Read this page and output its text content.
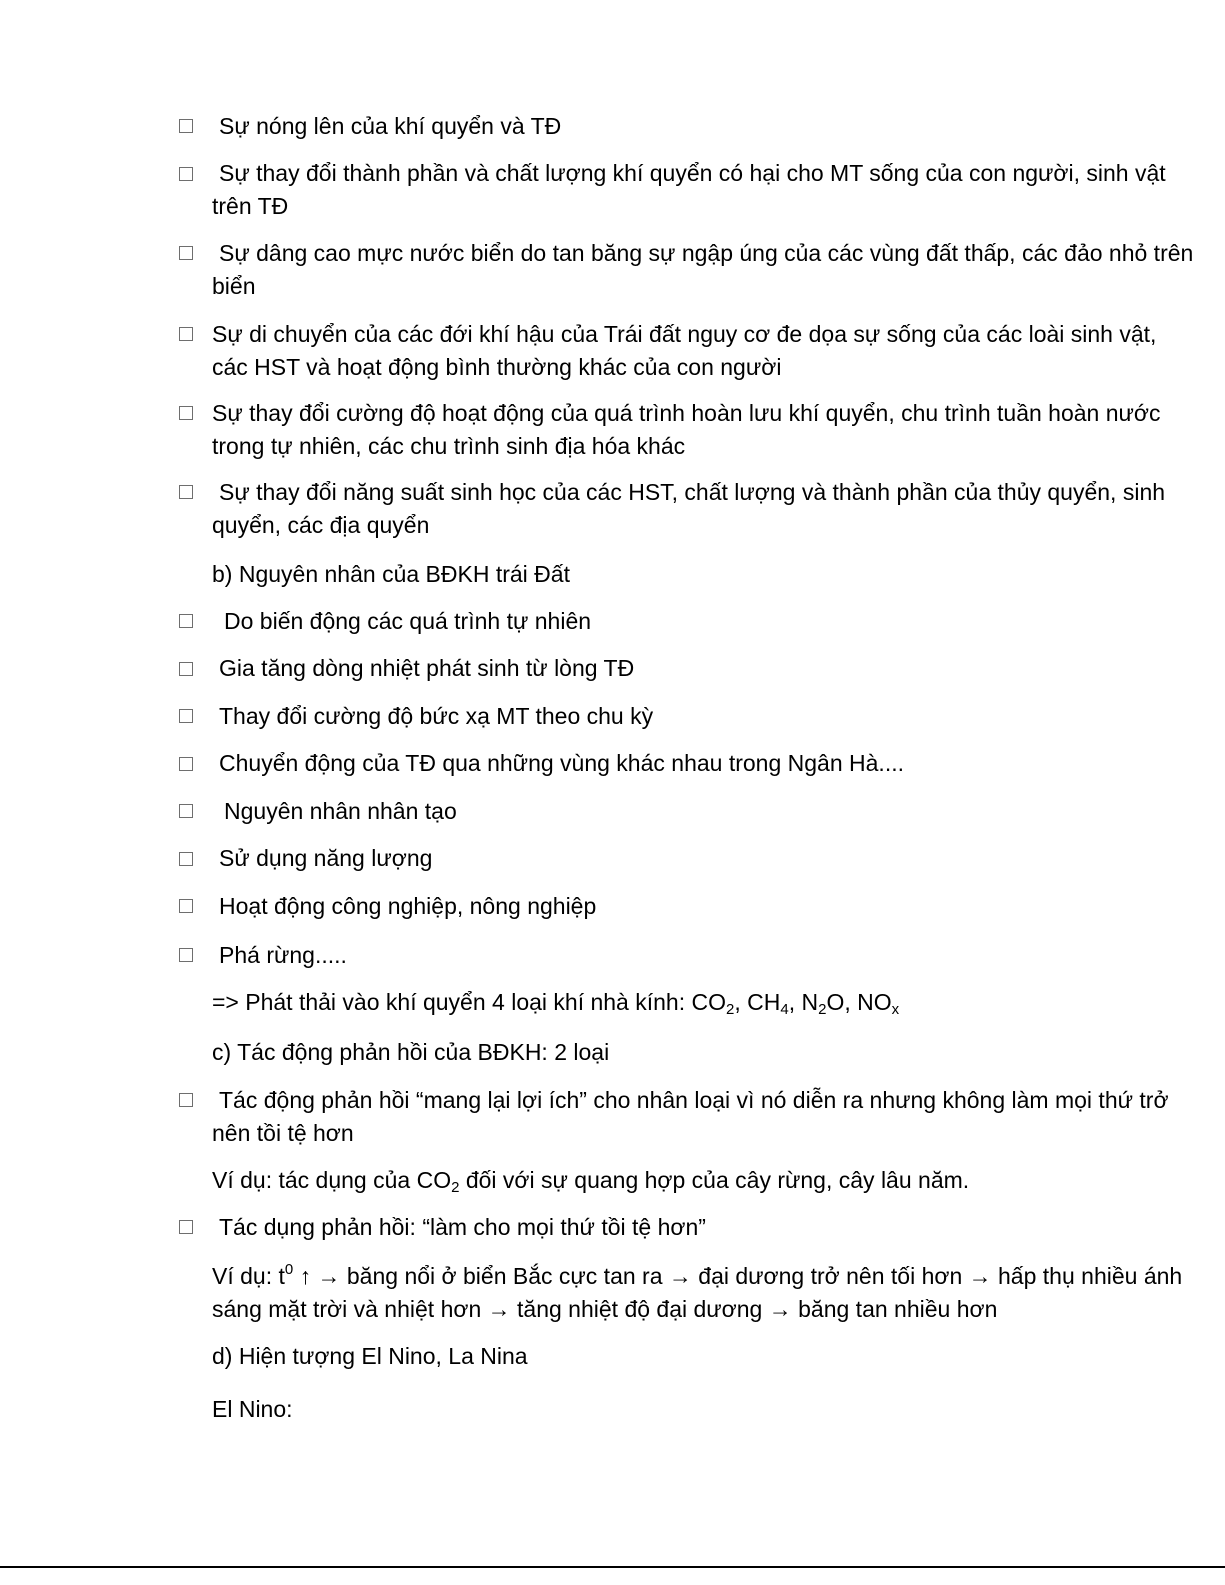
Sự nóng lên của khí quyển và TĐ
Sự thay đổi thành phần và chất lượng khí quyển có hại cho MT sống của con người, sinh vật trên TĐ
Sự dâng cao mực nước biển do tan băng sự ngập úng của các vùng đất thấp, các đảo nhỏ trên biển
Sự di chuyển của các đới khí hậu của Trái đất nguy cơ đe dọa sự sống của các loài sinh vật, các HST và hoạt động bình thường khác của con người
Sự thay đổi cường độ hoạt động của quá trình hoàn lưu khí quyển, chu trình tuần hoàn nước trong tự nhiên, các chu trình sinh địa hóa khác
Sự thay đổi năng suất sinh học của các HST, chất lượng và thành phần của thủy quyển, sinh quyển, các địa quyển
b) Nguyên nhân của BĐKH trái Đất
Do biến động các quá trình tự nhiên
Gia tăng dòng nhiệt phát sinh từ lòng TĐ
Thay đổi cường độ bức xạ MT theo chu kỳ
Chuyển động của TĐ qua những vùng khác nhau trong Ngân Hà....
Nguyên nhân nhân tạo
Sử dụng năng lượng
Hoạt động công nghiệp, nông nghiệp
Phá rừng.....
=> Phát thải vào khí quyển 4 loại khí nhà kính: $CO_2$, $CH_4$, $N_2O$, $NO_x$
c) Tác động phản hồi của BĐKH: 2 loại
Tác động phản hồi “mang lại lợi ích” cho nhân loại vì nó diễn ra nhưng không làm mọi thứ trở nên tồi tệ hơn
Ví dụ: tác dụng của $CO_2$ đối với sự quang hợp của cây rừng, cây lâu năm.
Tác dụng phản hồi: “làm cho mọi thứ tồi tệ hơn”
Ví dụ: $t^0$ ↑ → băng nổi ở biển Bắc cực tan ra → đại dương trở nên tối hơn → hấp thụ nhiều ánh sáng mặt trời và nhiệt hơn → tăng nhiệt độ đại dương → băng tan nhiều hơn
d) Hiện tượng El Nino, La Nina
El Nino:
